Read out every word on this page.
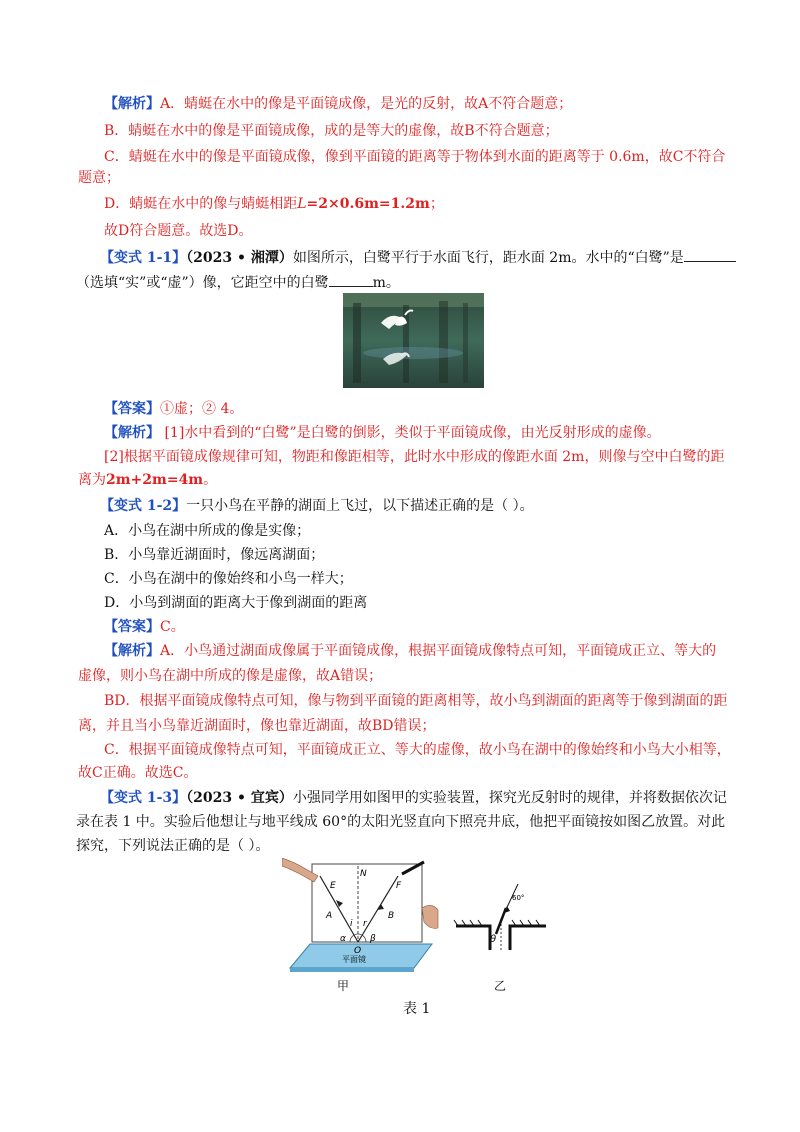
【解析】A．蜻蜓在水中的像是平面镜成像，是光的反射，故A不符合题意；
B．蜻蜓在水中的像是平面镜成像，成的是等大的虚像，故B不符合题意；
C．蜻蜓在水中的像是平面镜成像，像到平面镜的距离等于物体到水面的距离等于 0.6m，故C不符合
题意；
D．蜻蜓在水中的像与蜻蜓相距L=2×0.6m=1.2m；
故D符合题意。故选D。
【变式 1-1】（2023 • 湘潭）如图所示，白鹭平行于水面飞行，距水面 2m。水中的“白鹭”是
（选填“实”或“虚”）像，它距空中的白鹭	m。
【答案】①虚；② 4。
【解析】 [1]水中看到的“白鹭”是白鹭的倒影，类似于平面镜成像，由光反射形成的虚像。
[2]根据平面镜成像规律可知，物距和像距相等，此时水中形成的像距水面 2m，则像与空中白鹭的距
离为2m+2m=4m。
【变式 1-2】一只小鸟在平静的湖面上飞过，以下描述正确的是（ ）。
A．小鸟在湖中所成的像是实像；
B．小鸟靠近湖面时，像远离湖面；
C．小鸟在湖中的像始终和小鸟一样大；
D．小鸟到湖面的距离大于像到湖面的距离
【答案】C。
【解析】A．小鸟通过湖面成像属于平面镜成像，根据平面镜成像特点可知，平面镜成正立、等大的
虚像，则小鸟在湖中所成的像是虚像，故A错误；
BD．根据平面镜成像特点可知，像与物到平面镜的距离相等，故小鸟到湖面的距离等于像到湖面的距
离，并且当小鸟靠近湖面时，像也靠近湖面，故BD错误；
C．根据平面镜成像特点可知，平面镜成正立、等大的虚像，故小鸟在湖中的像始终和小鸟大小相等，
故C正确。故选C。
【变式 1-3】（2023 • 宜宾）小强同学用如图甲的实验装置，探究光反射时的规律，并将数据依次记
录在表 1 中。实验后他想让与地平线成 60°的太阳光竖直向下照亮井底，他把平面镜按如图乙放置。对此
探究，下列说法正确的是（ ）。
E
N
F
A	B
i r
α	β
O
平面镜
甲
60°
θ
乙
表 1
